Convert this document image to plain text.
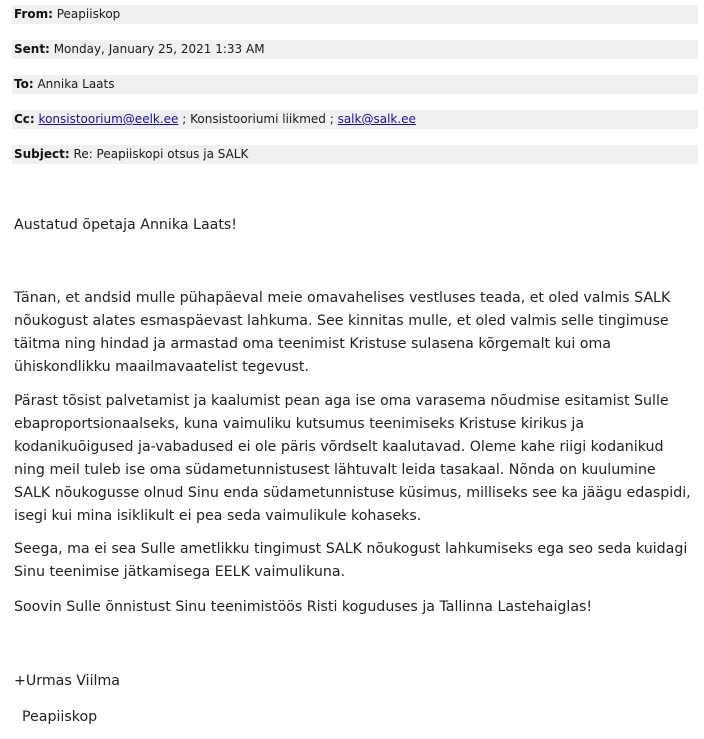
From: Peapiiskop
Sent: Monday, January 25, 2021 1:33 AM
To: Annika Laats
Cc: konsistoorium@eelk.ee ; Konsistooriumi liikmed ; salk@salk.ee
Subject: Re: Peapiiskopi otsus ja SALK

Austatud õpetaja Annika Laats!

Tänan, et andsid mulle pühapäeval meie omavahelises vestluses teada, et oled valmis SALK nõukogust alates esmaspäevast lahkuma. See kinnitas mulle, et oled valmis selle tingimuse täitma ning hindad ja armastad oma teenimist Kristuse sulasena kõrgemalt kui oma ühiskondlikku maailmavaatelist tegevust.

Pärast tõsist palvetamist ja kaalumist pean aga ise oma varasema nõudmise esitamist Sulle ebaproportsionaalseks, kuna vaimuliku kutsumus teenimiseks Kristuse kirikus ja kodanikuõigused ja-vabadused ei ole päris võrdselt kaalutavad. Oleme kahe riigi kodanikud ning meil tuleb ise oma südametunnistusest lähtuvalt leida tasakaal. Nõnda on kuulumine SALK nõukogusse olnud Sinu enda südametunnistuse küsimus, milliseks see ka jäägu edaspidi, isegi kui mina isiklikult ei pea seda vaimulikule kohaseks.

Seega, ma ei sea Sulle ametlikku tingimust SALK nõukogust lahkumiseks ega seo seda kuidagi Sinu teenimise jätkamisega EELK vaimulikuna.

Soovin Sulle õnnistust Sinu teenimistöös Risti koguduses ja Tallinna Lastehaiglas!

+Urmas Viilma

Peapiiskop
